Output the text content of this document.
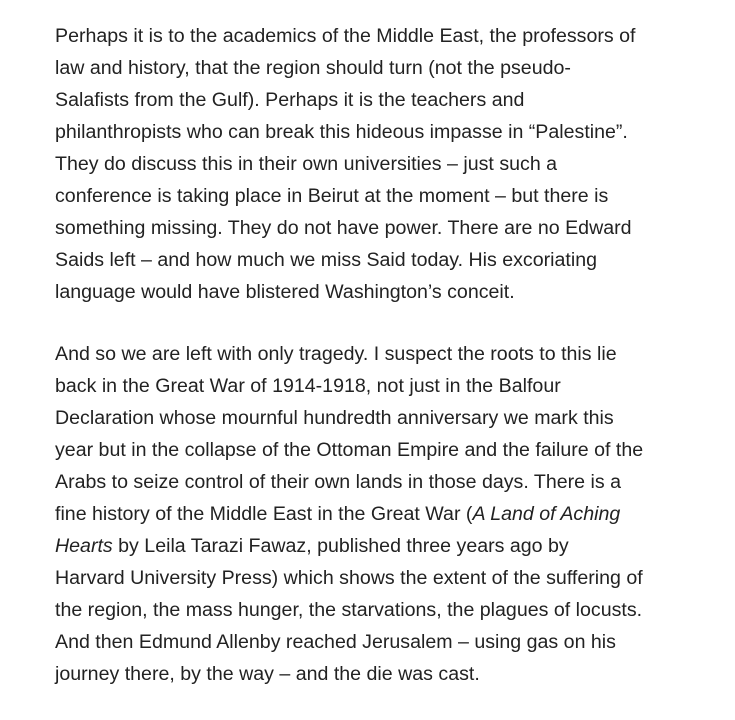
Perhaps it is to the academics of the Middle East, the professors of
law and history, that the region should turn (not the pseudo-
Salafists from the Gulf). Perhaps it is the teachers and
philanthropists who can break this hideous impasse in “Palestine”.
They do discuss this in their own universities – just such a
conference is taking place in Beirut at the moment – but there is
something missing. They do not have power. There are no Edward
Saids left – and how much we miss Said today. His excoriating
language would have blistered Washington’s conceit.

And so we are left with only tragedy. I suspect the roots to this lie
back in the Great War of 1914-1918, not just in the Balfour
Declaration whose mournful hundredth anniversary we mark this
year but in the collapse of the Ottoman Empire and the failure of the
Arabs to seize control of their own lands in those days. There is a
fine history of the Middle East in the Great War (A Land of Aching
Hearts by Leila Tarazi Fawaz, published three years ago by
Harvard University Press) which shows the extent of the suffering of
the region, the mass hunger, the starvations, the plagues of locusts.
And then Edmund Allenby reached Jerusalem – using gas on his
journey there, by the way – and the die was cast.
